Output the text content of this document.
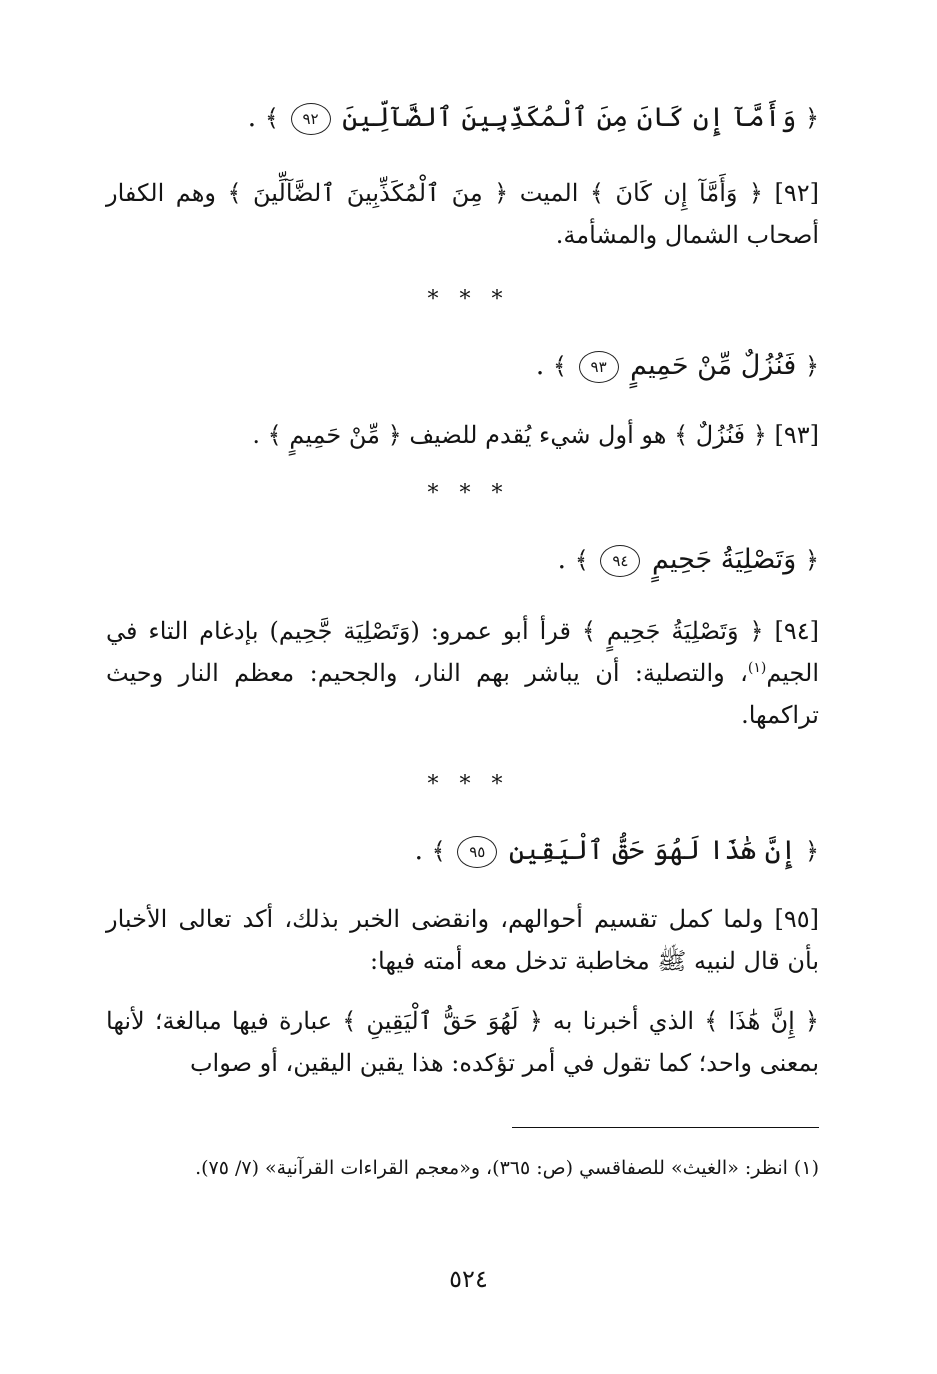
﴿ وَأَمَّآ إِن كَانَ مِنَ ٱلْمُكَذِّبِينَ ٱلضَّآلِّينَ ٩٢ ﴾ .
[٩٢] ﴿ وَأَمَّآ إِن كَانَ ﴾ الميت ﴿ مِنَ ٱلْمُكَذِّبِينَ ٱلضَّآلِّينَ ﴾ وهم الكفار أصحاب الشمال والمشأمة.
* * *
﴿ فَنُزُلٌ مِّنْ حَمِيمٍ ٩٣ ﴾ .
[٩٣] ﴿ فَنُزُلٌ ﴾ هو أول شيء يُقدم للضيف ﴿ مِّنْ حَمِيمٍ ﴾ .
* * *
﴿ وَتَصْلِيَةُ جَحِيمٍ ٩٤ ﴾ .
[٩٤] ﴿ وَتَصْلِيَةُ جَحِيمٍ ﴾ قرأ أبو عمرو: (وَتَصْلِيَة جَّحِيم) بإدغام التاء في الجيم$^{(١)}$، والتصلية: أن يباشر بهم النار، والجحيم: معظم النار وحيث تراكمها.
* * *
﴿ إِنَّ هَٰذَا لَهُوَ حَقُّ ٱلْيَقِينِ ٩٥ ﴾ .
[٩٥] ولما كمل تقسيم أحوالهم، وانقضى الخبر بذلك، أكد تعالى الأخبار بأن قال لنبيه ﷺ مخاطبة تدخل معه أمته فيها:
﴿ إِنَّ هَٰذَا ﴾ الذي أخبرنا به ﴿ لَهُوَ حَقُّ ٱلْيَقِينِ ﴾ عبارة فيها مبالغة؛ لأنها بمعنى واحد؛ كما تقول في أمر تؤكده: هذا يقين اليقين، أو صواب
(١) انظر: «الغيث» للصفاقسي (ص: ٣٦٥)، و«معجم القراءات القرآنية» (٧/ ٧٥).
٥٢٤
